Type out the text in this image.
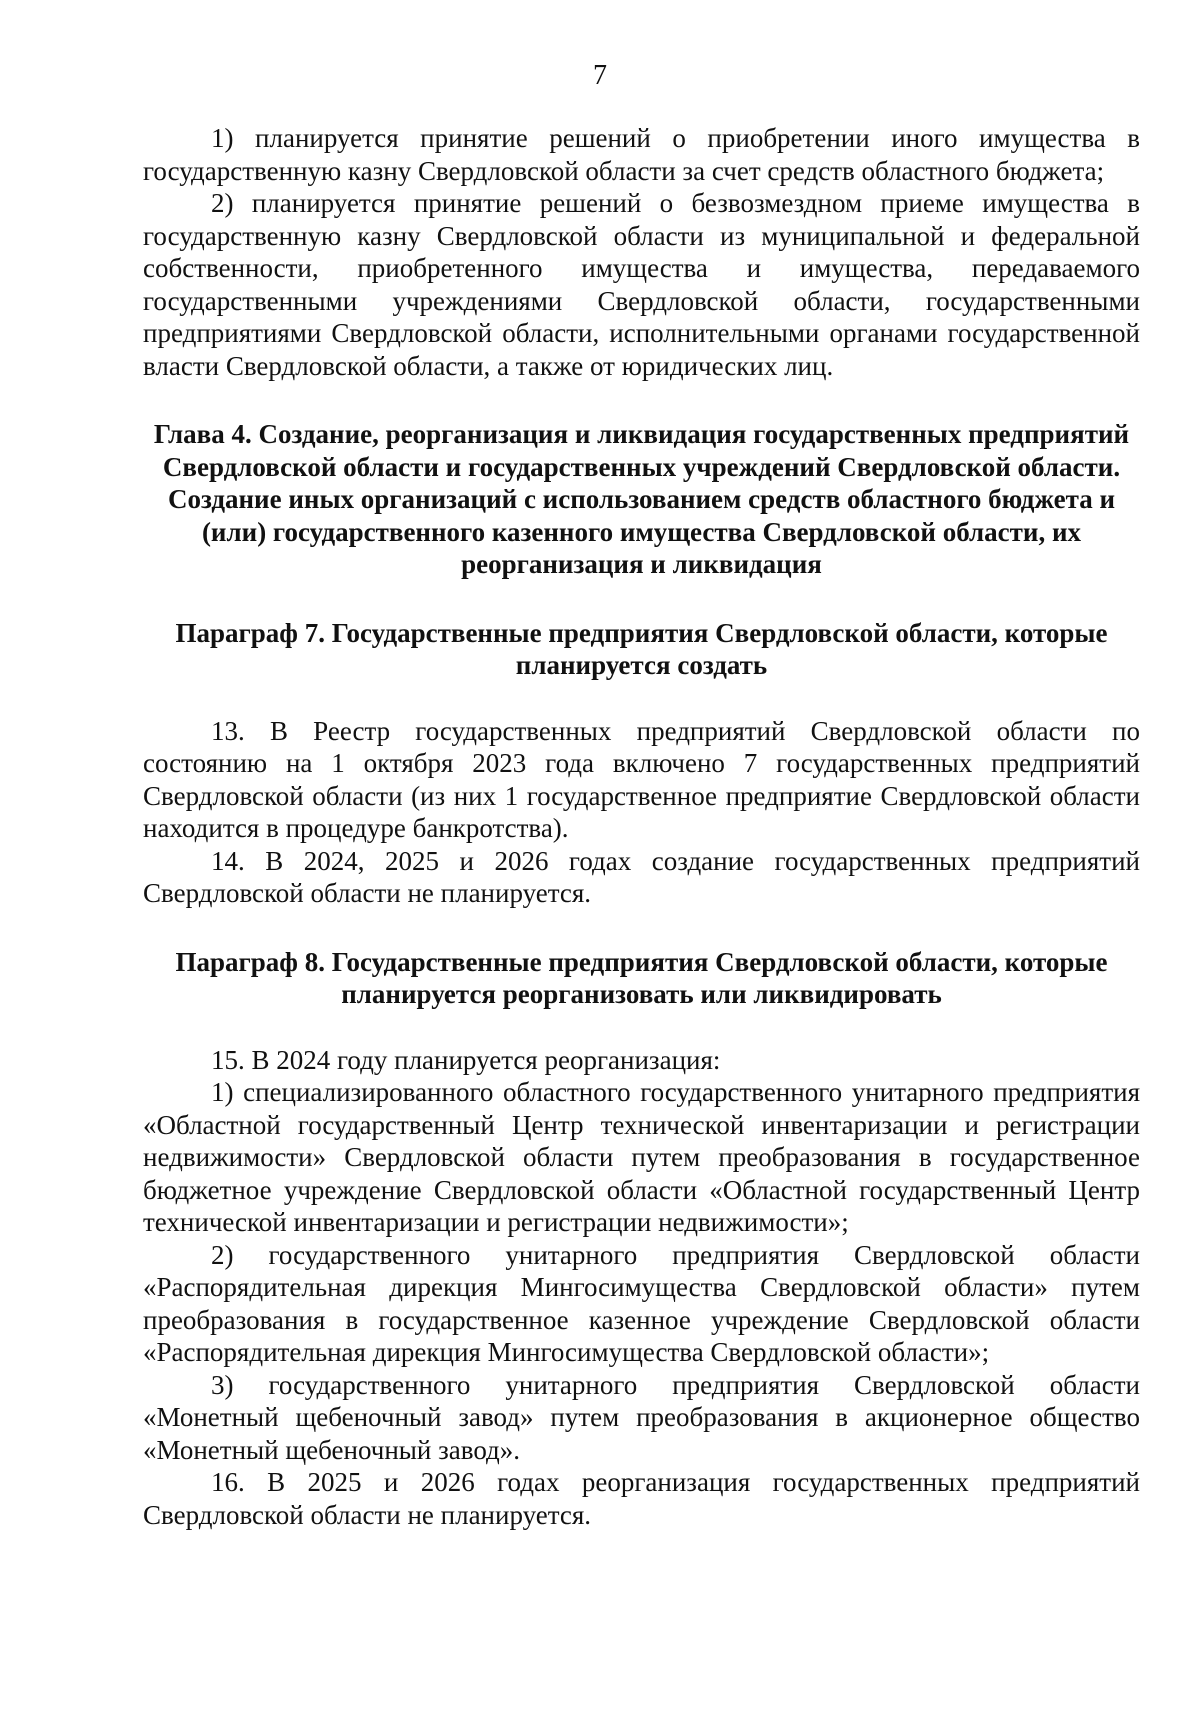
7

1) планируется принятие решений о приобретении иного имущества в государственную казну Свердловской области за счет средств областного бюджета;

2) планируется принятие решений о безвозмездном приеме имущества в государственную казну Свердловской области из муниципальной и федеральной собственности, приобретенного имущества и имущества, передаваемого государственными учреждениями Свердловской области, государственными предприятиями Свердловской области, исполнительными органами государственной власти Свердловской области, а также от юридических лиц.

Глава 4. Создание, реорганизация и ликвидация государственных предприятий Свердловской области и государственных учреждений Свердловской области. Создание иных организаций с использованием средств областного бюджета и (или) государственного казенного имущества Свердловской области, их реорганизация и ликвидация
Параграф 7. Государственные предприятия Свердловской области, которые планируется создать

13. В Реестр государственных предприятий Свердловской области по состоянию на 1 октября 2023 года включено 7 государственных предприятий Свердловской области (из них 1 государственное предприятие Свердловской области находится в процедуре банкротства).

14. В 2024, 2025 и 2026 годах создание государственных предприятий Свердловской области не планируется.

Параграф 8. Государственные предприятия Свердловской области, которые планируется реорганизовать или ликвидировать

15. В 2024 году планируется реорганизация:

1) специализированного областного государственного унитарного предприятия «Областной государственный Центр технической инвентаризации и регистрации недвижимости» Свердловской области путем преобразования в государственное бюджетное учреждение Свердловской области «Областной государственный Центр технической инвентаризации и регистрации недвижимости»;

2) государственного унитарного предприятия Свердловской области «Распорядительная дирекция Мингосимущества Свердловской области» путем преобразования в государственное казенное учреждение Свердловской области «Распорядительная дирекция Мингосимущества Свердловской области»;

3) государственного унитарного предприятия Свердловской области «Монетный щебеночный завод» путем преобразования в акционерное общество «Монетный щебеночный завод».

16. В 2025 и 2026 годах реорганизация государственных предприятий Свердловской области не планируется.
